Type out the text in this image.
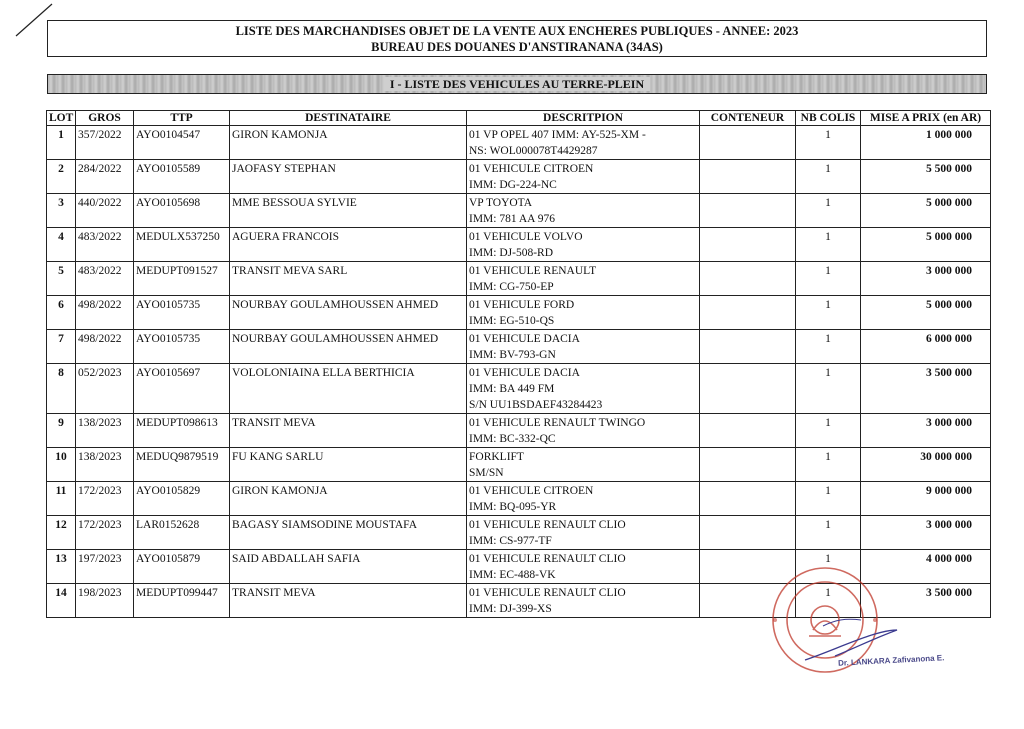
LISTE DES MARCHANDISES OBJET DE LA VENTE AUX ENCHERES PUBLIQUES - ANNEE: 2023
BUREAU DES DOUANES D'ANSTIRANANA (34AS)
I - LISTE DES VEHICULES AU TERRE-PLEIN
LOT	GROS	TTP	DESTINATAIRE	DESCRITPION	CONTENEUR	NB COLIS	MISE A PRIX (en AR)
1	357/2022	AYO0104547	GIRON KAMONJA	01 VP OPEL 407 IMM: AY-525-XM -
NS: WOL000078T4429287		1	1 000 000
2	284/2022	AYO0105589	JAOFASY STEPHAN	01 VEHICULE CITROEN
IMM: DG-224-NC		1	5 500 000
3	440/2022	AYO0105698	MME BESSOUA SYLVIE	VP TOYOTA
IMM: 781 AA 976		1	5 000 000
4	483/2022	MEDULX537250	AGUERA FRANCOIS	01 VEHICULE VOLVO
IMM: DJ-508-RD		1	5 000 000
5	483/2022	MEDUPT091527	TRANSIT MEVA SARL	01 VEHICULE RENAULT
IMM: CG-750-EP		1	3 000 000
6	498/2022	AYO0105735	NOURBAY GOULAMHOUSSEN AHMED	01 VEHICULE FORD
IMM: EG-510-QS		1	5 000 000
7	498/2022	AYO0105735	NOURBAY GOULAMHOUSSEN AHMED	01 VEHICULE DACIA
IMM: BV-793-GN		1	6 000 000
8	052/2023	AYO0105697	VOLOLONIAINA ELLA BERTHICIA	01 VEHICULE DACIA
IMM: BA 449 FM
S/N UU1BSDAEF43284423		1	3 500 000
9	138/2023	MEDUPT098613	TRANSIT MEVA	01 VEHICULE RENAULT TWINGO
IMM: BC-332-QC		1	3 000 000
10	138/2023	MEDUQ9879519	FU KANG SARLU	FORKLIFT
SM/SN		1	30 000 000
11	172/2023	AYO0105829	GIRON KAMONJA	01 VEHICULE CITROEN
IMM: BQ-095-YR		1	9 000 000
12	172/2023	LAR0152628	BAGASY SIAMSODINE MOUSTAFA	01 VEHICULE RENAULT CLIO
IMM: CS-977-TF		1	3 000 000
13	197/2023	AYO0105879	SAID ABDALLAH SAFIA	01 VEHICULE RENAULT CLIO
IMM: EC-488-VK		1	4 000 000
14	198/2023	MEDUPT099447	TRANSIT MEVA	01 VEHICULE RENAULT CLIO
IMM: DJ-399-XS		1	3 500 000
Dr. LANKARA Zafivanona E.
